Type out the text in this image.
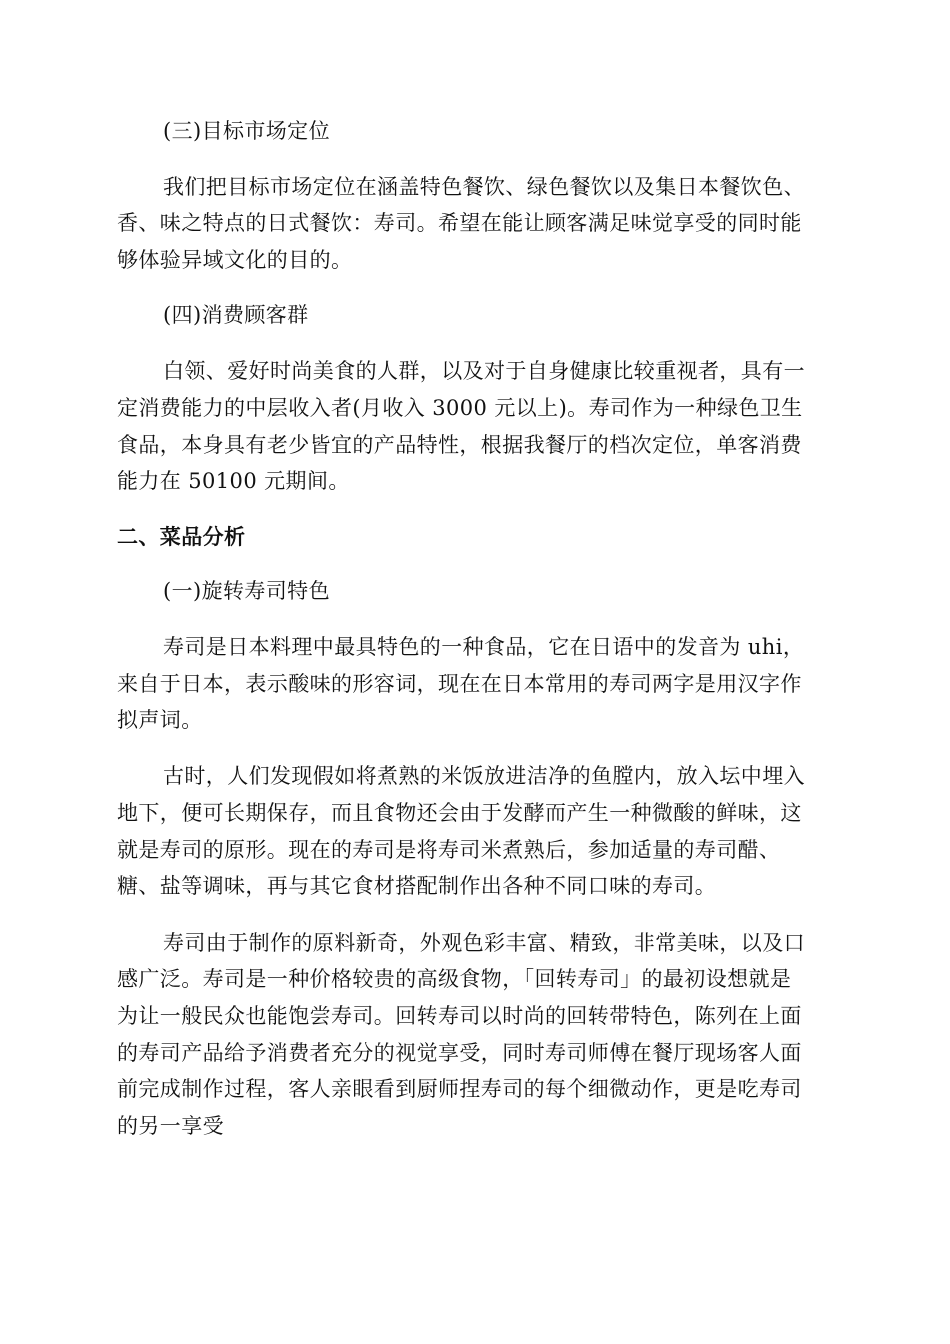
(三)目标市场定位
我们把目标市场定位在涵盖特色餐饮、绿色餐饮以及集日本餐饮色、
香、味之特点的日式餐饮：寿司。希望在能让顾客满足味觉享受的同时能
够体验异域文化的目的。
(四)消费顾客群
白领、爱好时尚美食的人群，以及对于自身健康比较重视者，具有一
定消费能力的中层收入者(月收入 3000 元以上)。寿司作为一种绿色卫生
食品，本身具有老少皆宜的产品特性，根据我餐厅的档次定位，单客消费
能力在 50100 元期间。
二、菜品分析
(一)旋转寿司特色
寿司是日本料理中最具特色的一种食品，它在日语中的发音为 uhi，
来自于日本，表示酸味的形容词，现在在日本常用的寿司两字是用汉字作
拟声词。
古时，人们发现假如将煮熟的米饭放进洁净的鱼膛内，放入坛中埋入
地下，便可长期保存，而且食物还会由于发酵而产生一种微酸的鲜味，这
就是寿司的原形。现在的寿司是将寿司米煮熟后，参加适量的寿司醋、
糖、盐等调味，再与其它食材搭配制作出各种不同口味的寿司。
寿司由于制作的原料新奇，外观色彩丰富、精致，非常美味，以及口
感广泛。寿司是一种价格较贵的高级食物，「回转寿司」的最初设想就是
为让一般民众也能饱尝寿司。回转寿司以时尚的回转带特色，陈列在上面
的寿司产品给予消费者充分的视觉享受，同时寿司师傅在餐厅现场客人面
前完成制作过程，客人亲眼看到厨师捏寿司的每个细微动作，更是吃寿司
的另一享受
